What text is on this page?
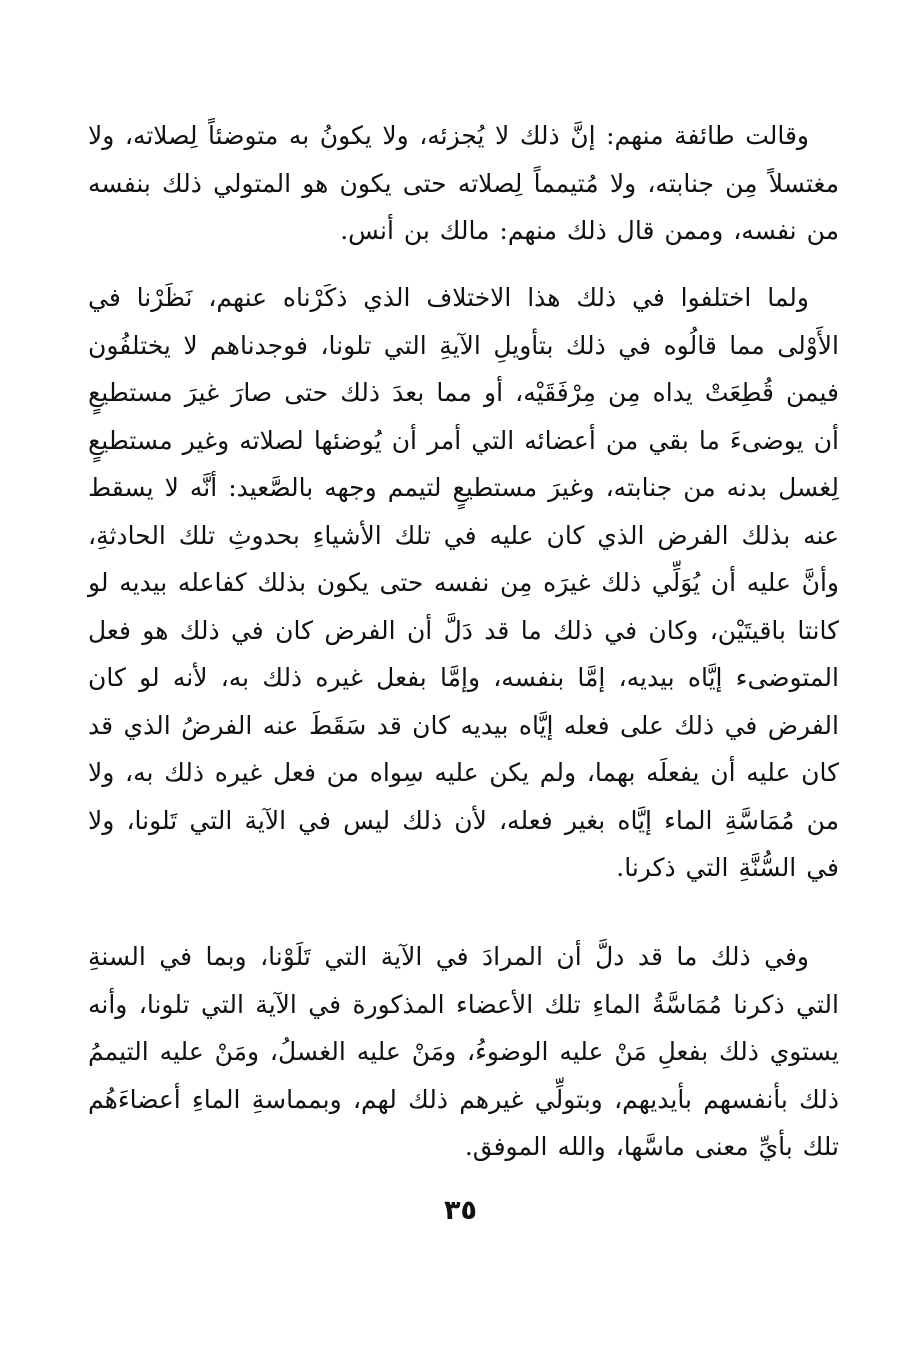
وقالت طائفة منهم: إنَّ ذلك لا يُجزئه، ولا يكونُ به متوضئاً لِصلاته، ولا مغتسلاً مِن جنابته، ولا مُتيمماً لِصلاته حتى يكون هو المتولي ذلك بنفسه من نفسه، وممن قال ذلك منهم: مالك بن أنس.

ولما اختلفوا في ذلك هذا الاختلاف الذي ذكَرْناه عنهم، نَظَرْنا في الأَوْلى مما قالُوه في ذلك بتأويلِ الآيةِ التي تلونا، فوجدناهم لا يختلفُون فيمن قُطِعَتْ يداه مِن مِرْفَقَيْه، أو مما بعدَ ذلك حتى صارَ غيرَ مستطيعٍ أن يوضىءَ ما بقي من أعضائه التي أمر أن يُوضئها لصلاته وغير مستطيعٍ لِغسل بدنه من جنابته، وغيرَ مستطيعٍ لتيمم وجهه بالصَّعيد: أنَّه لا يسقط عنه بذلك الفرض الذي كان عليه في تلك الأشياءِ بحدوثِ تلك الحادثةِ، وأنَّ عليه أن يُوَلِّي ذلك غيرَه مِن نفسه حتى يكون بذلك كفاعله بيديه لو كانتا باقيتَيْن، وكان في ذلك ما قد دَلَّ أن الفرض كان في ذلك هو فعل المتوضىء إيَّاه بيديه، إمَّا بنفسه، وإمَّا بفعل غيره ذلك به، لأنه لو كان الفرض في ذلك على فعله إيَّاه بيديه كان قد سَقَطَ عنه الفرضُ الذي قد كان عليه أن يفعلَه بهما، ولم يكن عليه سِواه من فعل غيره ذلك به، ولا من مُمَاسَّةِ الماء إيَّاه بغير فعله، لأن ذلك ليس في الآية التي تَلونا، ولا في السُّنَّةِ التي ذكرنا.

وفي ذلك ما قد دلَّ أن المرادَ في الآية التي تَلَوْنا، وبما في السنةِ التي ذكرنا مُمَاسَّةُ الماءِ تلك الأعضاء المذكورة في الآية التي تلونا، وأنه يستوي ذلك بفعلِ مَنْ عليه الوضوءُ، ومَنْ عليه الغسلُ، ومَنْ عليه التيممُ ذلك بأنفسهم بأيديهم، وبتولِّي غيرهم ذلك لهم، وبمماسةِ الماءِ أعضاءَهُم تلك بأيِّ معنى ماسَّها، والله الموفق.

٣٥
